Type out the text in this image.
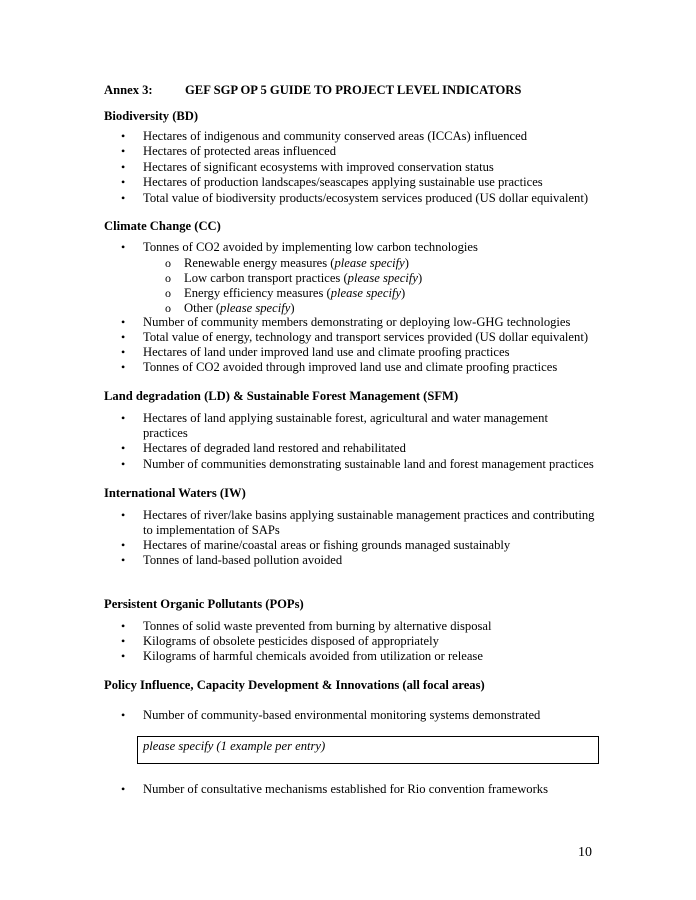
Annex 3:	GEF SGP OP 5 GUIDE TO PROJECT LEVEL INDICATORS
Biodiversity (BD)
• Hectares of indigenous and community conserved areas (ICCAs) influenced
• Hectares of protected areas influenced
• Hectares of significant ecosystems with improved conservation status
• Hectares of production landscapes/seascapes applying sustainable use practices
• Total value of biodiversity products/ecosystem services produced (US dollar equivalent)
Climate Change (CC)
• Tonnes of CO2 avoided by implementing low carbon technologies
o Renewable energy measures (please specify)
o Low carbon transport practices (please specify)
o Energy efficiency measures (please specify)
o Other (please specify)
• Number of community members demonstrating or deploying low-GHG technologies
• Total value of energy, technology and transport services provided (US dollar equivalent)
• Hectares of land under improved land use and climate proofing practices
• Tonnes of CO2 avoided through improved land use and climate proofing practices
Land degradation (LD) & Sustainable Forest Management (SFM)
• Hectares of land applying sustainable forest, agricultural and water management
practices
• Hectares of degraded land restored and rehabilitated
• Number of communities demonstrating sustainable land and forest management practices
International Waters (IW)
• Hectares of river/lake basins applying sustainable management practices and contributing
to implementation of SAPs
• Hectares of marine/coastal areas or fishing grounds managed sustainably
• Tonnes of land-based pollution avoided
Persistent Organic Pollutants (POPs)
• Tonnes of solid waste prevented from burning by alternative disposal
• Kilograms of obsolete pesticides disposed of appropriately
• Kilograms of harmful chemicals avoided from utilization or release
Policy Influence, Capacity Development & Innovations (all focal areas)
• Number of community-based environmental monitoring systems demonstrated
please specify (1 example per entry)
• Number of consultative mechanisms established for Rio convention frameworks
10
